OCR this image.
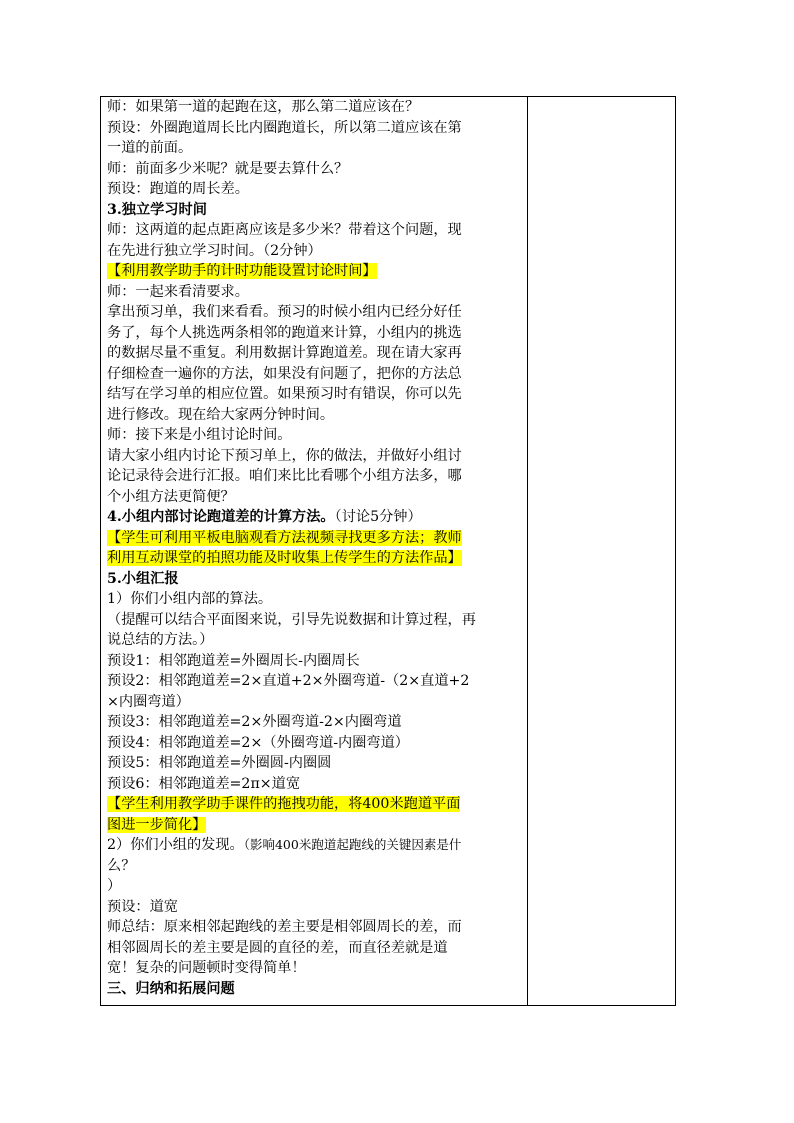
师：如果第一道的起跑在这，那么第二道应该在？
预设：外圈跑道周长比内圈跑道长，所以第二道应该在第
一道的前面。
师：前面多少米呢？就是要去算什么？
预设：跑道的周长差。
3.独立学习时间
师：这两道的起点距离应该是多少米？带着这个问题，现
在先进行独立学习时间。（2分钟）
【利用教学助手的计时功能设置讨论时间】
师：一起来看清要求。
拿出预习单，我们来看看。预习的时候小组内已经分好任
务了，每个人挑选两条相邻的跑道来计算，小组内的挑选
的数据尽量不重复。利用数据计算跑道差。现在请大家再
仔细检查一遍你的方法，如果没有问题了，把你的方法总
结写在学习单的相应位置。如果预习时有错误，你可以先
进行修改。现在给大家两分钟时间。
师：接下来是小组讨论时间。
请大家小组内讨论下预习单上，你的做法，并做好小组讨
论记录待会进行汇报。咱们来比比看哪个小组方法多，哪
个小组方法更简便？
4.小组内部讨论跑道差的计算方法。（讨论5分钟）
【学生可利用平板电脑观看方法视频寻找更多方法；教师
利用互动课堂的拍照功能及时收集上传学生的方法作品】
5.小组汇报
1）你们小组内部的算法。
（提醒可以结合平面图来说，引导先说数据和计算过程，再
说总结的方法。）
预设1：相邻跑道差=外圈周长-内圈周长
预设2：相邻跑道差=2×直道+2×外圈弯道-（2×直道+2
×内圈弯道）
预设3：相邻跑道差=2×外圈弯道-2×内圈弯道
预设4：相邻跑道差=2×（外圈弯道-内圈弯道）
预设5：相邻跑道差=外圈圆-内圈圆
预设6：相邻跑道差=2π×道宽
【学生利用教学助手课件的拖拽功能，将400米跑道平面
图进一步简化】
2）你们小组的发现。（影响400米跑道起跑线的关键因素是什
么？
）
预设：道宽
师总结：原来相邻起跑线的差主要是相邻圆周长的差，而
相邻圆周长的差主要是圆的直径的差，而直径差就是道
宽！复杂的问题顿时变得简单！
三、归纳和拓展问题
